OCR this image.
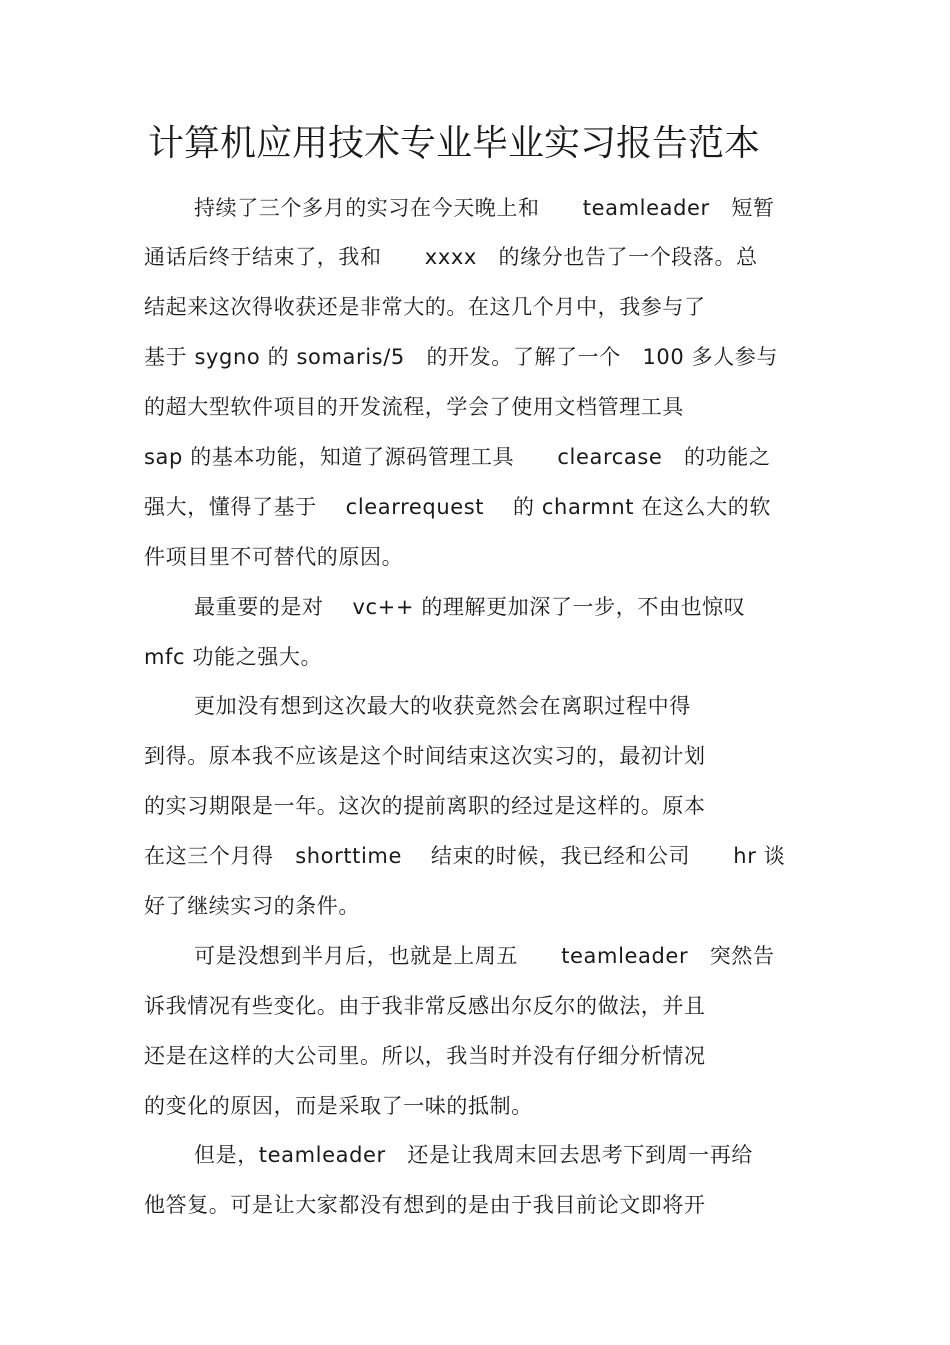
计算机应用技术专业毕业实习报告范本
持续了三个多月的实习在今天晚上和　　teamleader　短暂
通话后终于结束了，我和　　xxxx　的缘分也告了一个段落。总
结起来这次得收获还是非常大的。在这几个月中，我参与了
基于 sygno 的 somaris/5　的开发。了解了一个　100 多人参与
的超大型软件项目的开发流程，学会了使用文档管理工具
sap 的基本功能，知道了源码管理工具　　clearcase　的功能之
强大，懂得了基于　 clearrequest　 的 charmnt 在这么大的软
件项目里不可替代的原因。
最重要的是对　 vc++ 的理解更加深了一步，不由也惊叹
mfc 功能之强大。
更加没有想到这次最大的收获竟然会在离职过程中得
到得。原本我不应该是这个时间结束这次实习的，最初计划
的实习期限是一年。这次的提前离职的经过是这样的。原本
在这三个月得　shorttime　 结束的时候，我已经和公司　　hr 谈
好了继续实习的条件。
可是没想到半月后，也就是上周五　　teamleader　突然告
诉我情况有些变化。由于我非常反感出尔反尔的做法，并且
还是在这样的大公司里。所以，我当时并没有仔细分析情况
的变化的原因，而是采取了一味的抵制。
但是，teamleader　还是让我周末回去思考下到周一再给
他答复。可是让大家都没有想到的是由于我目前论文即将开
